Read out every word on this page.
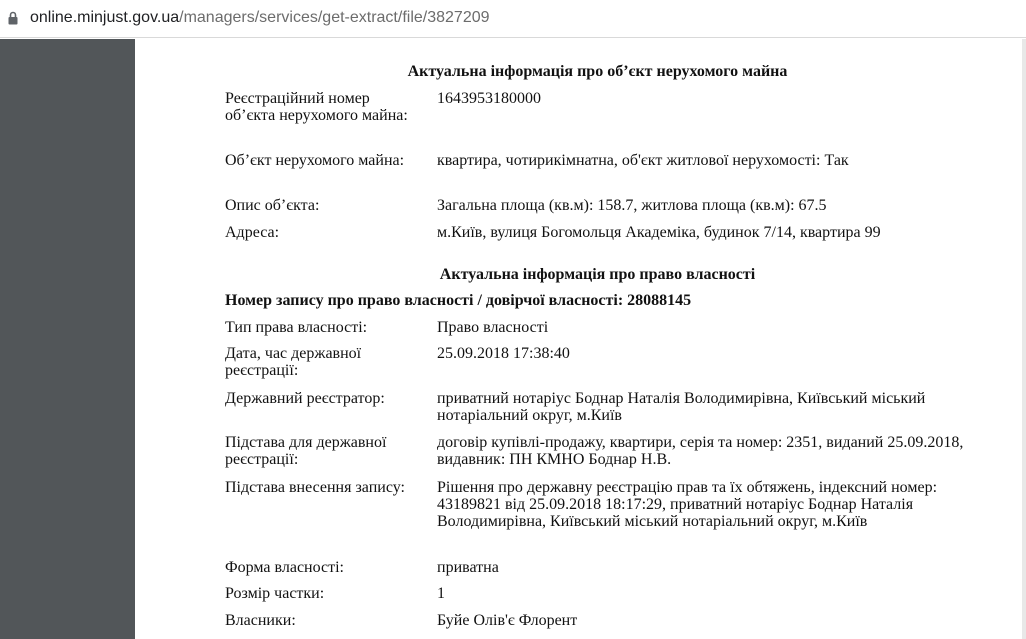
online.minjust.gov.ua/managers/services/get-extract/file/3827209
Актуальна інформація про об’єкт нерухомого майна
Реєстраційний номер об’єкта нерухомого майна:
1643953180000
Об’єкт нерухомого майна:	квартира, чотирикімнатна, об'єкт житлової нерухомості: Так
Опис об’єкта:	Загальна площа (кв.м): 158.7, житлова площа (кв.м): 67.5
Адреса:	м.Київ, вулиця Богомольця Академіка, будинок 7/14, квартира 99
Актуальна інформація про право власності
Номер запису про право власності / довірчої власності: 28088145
Тип права власності:	Право власності
Дата, час державної реєстрації:
25.09.2018 17:38:40
Державний реєстратор:	приватний нотаріус Боднар Наталія Володимирівна, Київський міський нотаріальний округ, м.Київ
Підстава для державної реєстрації:
договір купівлі-продажу, квартири, серія та номер: 2351, виданий 25.09.2018, видавник: ПН КМНО Боднар Н.В.
Підстава внесення запису:	Рішення про державну реєстрацію прав та їх обтяжень, індексний номер: 43189821 від 25.09.2018 18:17:29, приватний нотаріус Боднар Наталія Володимирівна, Київський міський нотаріальний округ, м.Київ
Форма власності:	приватна
Розмір частки:	1
Власники:	Буйе Олів'є Флорент
